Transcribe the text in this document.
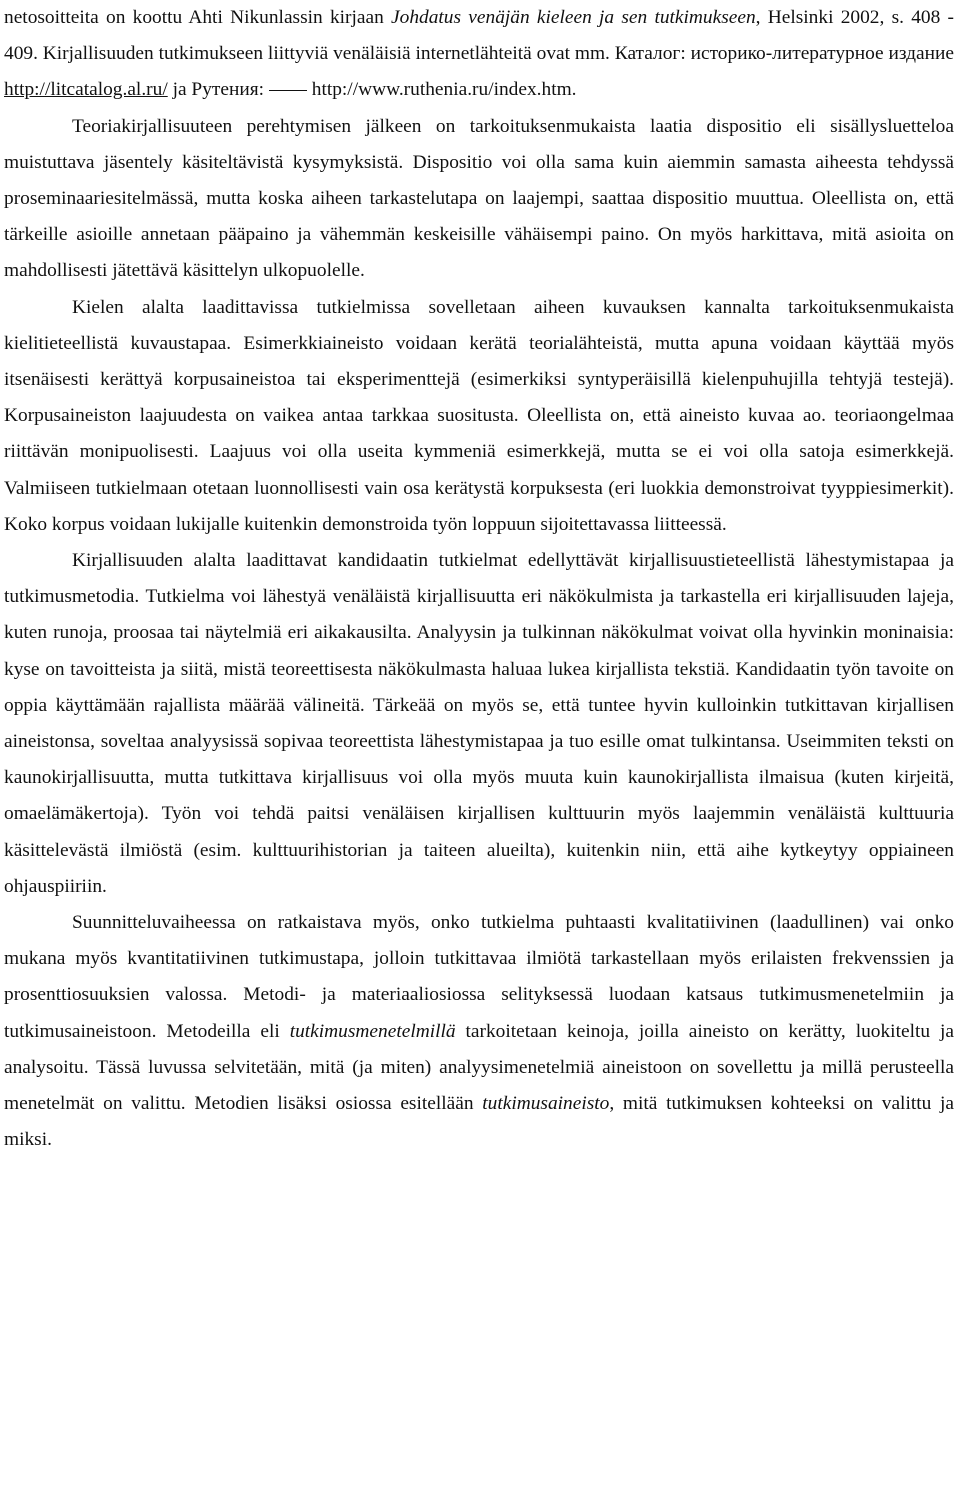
netosoitteita on koottu Ahti Nikunlassin kirjaan Johdatus venäjän kieleen ja sen tutkimukseen, Helsinki 2002, s. 408 - 409. Kirjallisuuden tutkimukseen liittyviä venäläisiä internetlähteitä ovat mm. Каталог: историко-литературное издание http://litcatalog.al.ru/ ja Рутения:  http://www.ruthenia.ru/index.htm.

Teoriakirjallisuuteen perehtymisen jälkeen on tarkoituksenmukaista laatia dispositio eli sisällysluetteloa muistuttava jäsentely käsiteltävistä kysymyksistä. Dispositio voi olla sama kuin aiemmin samasta aiheesta tehdyssä proseminaariesitelmässä, mutta koska aiheen tarkastelutapa on laajempi, saattaa dispositio muuttua. Oleellista on, että tärkeille asioille annetaan pääpaino ja vähemmän keskeisille vähäisempi paino. On myös harkittava, mitä asioita on mahdollisesti jätettävä käsittelyn ulkopuolelle.

Kielen alalta laadittavissa tutkielmissa sovelletaan aiheen kuvauksen kannalta tarkoituksenmukaista kielitieteellistä kuvaustapaa. Esimerkkiaineisto voidaan kerätä teorialähteistä, mutta apuna voidaan käyttää myös itsenäisesti kerättyä korpusaineistoa tai eksperimenttejä (esimerkiksi syntyperäisillä kielenpuhujilla tehtyjä testejä). Korpusaineiston laajuudesta on vaikea antaa tarkkaa suositusta. Oleellista on, että aineisto kuvaa ao. teoriaongelmaa riittävän monipuolisesti. Laajuus voi olla useita kymmeniä esimerkkejä, mutta se ei voi olla satoja esimerkkejä. Valmiiseen tutkielmaan otetaan luonnollisesti vain osa kerätystä korpuksesta (eri luokkia demonstroivat tyyppiesimerkit). Koko korpus voidaan lukijalle kuitenkin demonstroida työn loppuun sijoitettavassa liitteessä.

Kirjallisuuden alalta laadittavat kandidaatin tutkielmat edellyttävät kirjallisuustieteellistä lähestymistapaa ja tutkimusmetodia. Tutkielma voi lähestyä venäläistä kirjallisuutta eri näkökulmista ja tarkastella eri kirjallisuuden lajeja, kuten runoja, proosaa tai näytelmiä eri aikakausilta. Analyysin ja tulkinnan näkökulmat voivat olla hyvinkin moninaisia: kyse on tavoitteista ja siitä, mistä teoreettisesta näkökulmasta haluaa lukea kirjallista tekstiä. Kandidaatin työn tavoite on oppia käyttämään rajallista määrää välineitä. Tärkeää on myös se, että tuntee hyvin kulloinkin tutkittavan kirjallisen aineistonsa, soveltaa analyysissä sopivaa teoreettista lähestymistapaa ja tuo esille omat tulkintansa. Useimmiten teksti on kaunokirjallisuutta, mutta tutkittava kirjallisuus voi olla myös muuta kuin kaunokirjallista ilmaisua (kuten kirjeitä, omaelämäkertoja). Työn voi tehdä paitsi venäläisen kirjallisen kulttuurin myös laajemmin venäläistä kulttuuria käsittelevästä ilmiöstä (esim. kulttuurihistorian ja taiteen alueilta), kuitenkin niin, että aihe kytkeytyy oppiaineen ohjauspiiriin.

Suunnitteluvaiheessa on ratkaistava myös, onko tutkielma puhtaasti kvalitatiivinen (laadullinen) vai onko mukana myös kvantitatiivinen tutkimustapa, jolloin tutkittavaa ilmiötä tarkastellaan myös erilaisten frekvenssien ja prosenttiosuuksien valossa. Metodi- ja materiaaliosiossa selityksessä luodaan katsaus tutkimusmenetelmiin ja tutkimusaineistoon. Metodeilla eli tutkimusmenetelmillä tarkoitetaan keinoja, joilla aineisto on kerätty, luokiteltu ja analysoitu. Tässä luvussa selvitetään, mitä (ja miten) analyysimenetelmiä aineistoon on sovellettu ja millä perusteella menetelmät on valittu. Metodien lisäksi osiossa esitellään tutkimusaineisto, mitä tutkimuksen kohteeksi on valittu ja miksi.
